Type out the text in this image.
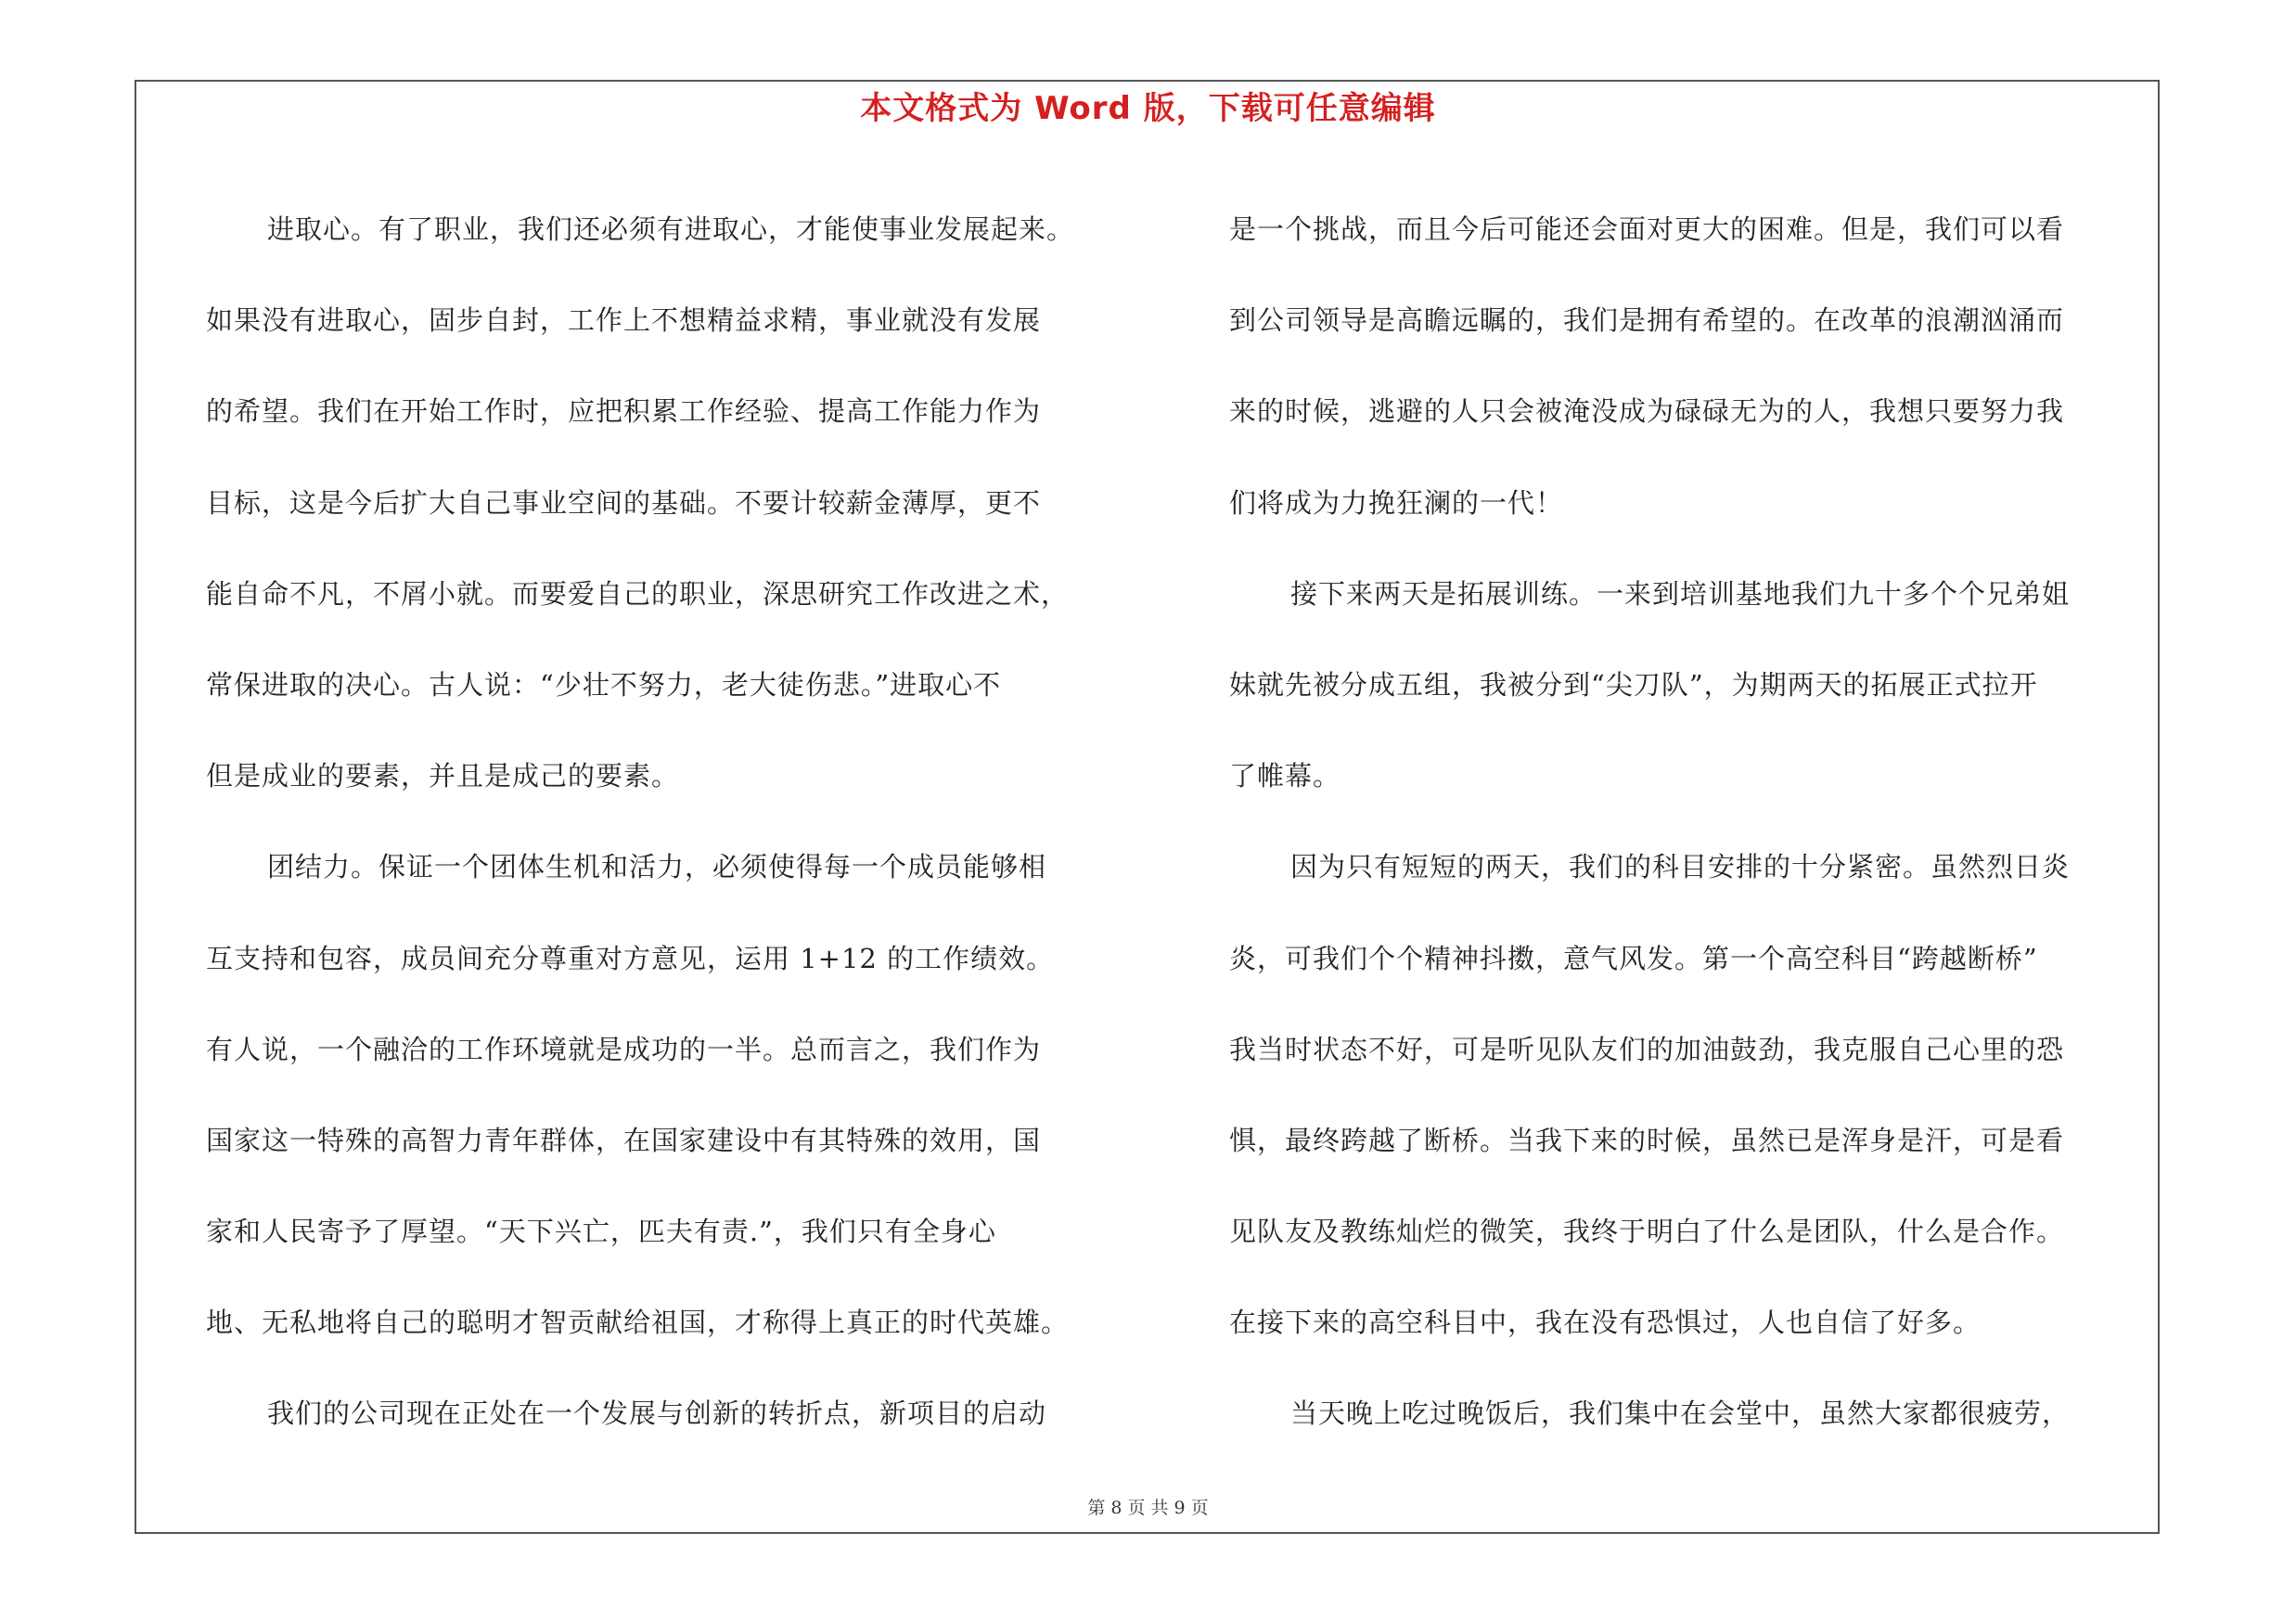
本文格式为 Word 版，下载可任意编辑
进取心。有了职业，我们还必须有进取心，才能使事业发展起来。
如果没有进取心，固步自封，工作上不想精益求精，事业就没有发展
的希望。我们在开始工作时，应把积累工作经验、提高工作能力作为
目标，这是今后扩大自己事业空间的基础。不要计较薪金薄厚，更不
能自命不凡，不屑小就。而要爱自己的职业，深思研究工作改进之术，
常保进取的决心。古人说：“少壮不努力，老大徒伤悲。”进取心不
但是成业的要素，并且是成己的要素。
团结力。保证一个团体生机和活力，必须使得每一个成员能够相
互支持和包容，成员间充分尊重对方意见，运用 1+12 的工作绩效。
有人说，一个融洽的工作环境就是成功的一半。总而言之，我们作为
国家这一特殊的高智力青年群体，在国家建设中有其特殊的效用，国
家和人民寄予了厚望。“天下兴亡，匹夫有责.”，我们只有全身心
地、无私地将自己的聪明才智贡献给祖国，才称得上真正的时代英雄。
我们的公司现在正处在一个发展与创新的转折点，新项目的启动
是一个挑战，而且今后可能还会面对更大的困难。但是，我们可以看
到公司领导是高瞻远瞩的，我们是拥有希望的。在改革的浪潮汹涌而
来的时候，逃避的人只会被淹没成为碌碌无为的人，我想只要努力我
们将成为力挽狂澜的一代！
接下来两天是拓展训练。一来到培训基地我们九十多个个兄弟姐
妹就先被分成五组，我被分到“尖刀队”，为期两天的拓展正式拉开
了帷幕。
因为只有短短的两天，我们的科目安排的十分紧密。虽然烈日炎
炎，可我们个个精神抖擞，意气风发。第一个高空科目“跨越断桥”
我当时状态不好，可是听见队友们的加油鼓劲，我克服自己心里的恐
惧，最终跨越了断桥。当我下来的时候，虽然已是浑身是汗，可是看
见队友及教练灿烂的微笑，我终于明白了什么是团队，什么是合作。
在接下来的高空科目中，我在没有恐惧过，人也自信了好多。
当天晚上吃过晚饭后，我们集中在会堂中，虽然大家都很疲劳，
第 8 页 共 9 页
